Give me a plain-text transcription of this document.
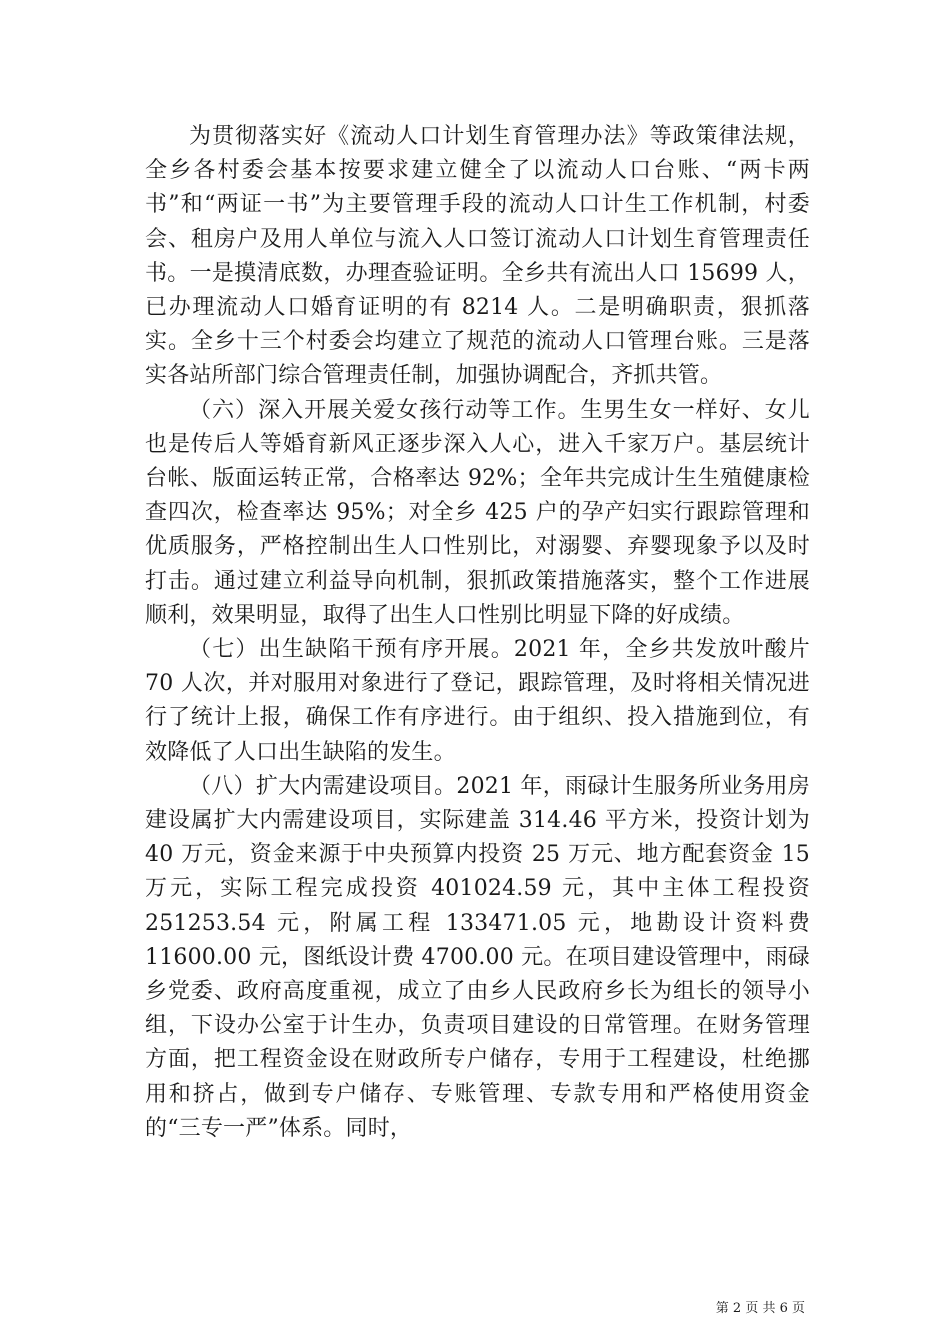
为贯彻落实好《流动人口计划生育管理办法》等政策律法规，全乡各村委会基本按要求建立健全了以流动人口台账、“两卡两书”和“两证一书”为主要管理手段的流动人口计生工作机制，村委会、租房户及用人单位与流入人口签订流动人口计划生育管理责任书。一是摸清底数，办理查验证明。全乡共有流出人口 15699 人，已办理流动人口婚育证明的有 8214 人。二是明确职责，狠抓落实。全乡十三个村委会均建立了规范的流动人口管理台账。三是落实各站所部门综合管理责任制，加强协调配合，齐抓共管。

（六）深入开展关爱女孩行动等工作。生男生女一样好、女儿也是传后人等婚育新风正逐步深入人心，进入千家万户。基层统计台帐、版面运转正常，合格率达 92%；全年共完成计生生殖健康检查四次，检查率达 95%；对全乡 425 户的孕产妇实行跟踪管理和优质服务，严格控制出生人口性别比，对溺婴、弃婴现象予以及时打击。通过建立利益导向机制，狠抓政策措施落实，整个工作进展顺利，效果明显，取得了出生人口性别比明显下降的好成绩。

（七）出生缺陷干预有序开展。2021 年，全乡共发放叶酸片 70 人次，并对服用对象进行了登记，跟踪管理，及时将相关情况进行了统计上报，确保工作有序进行。由于组织、投入措施到位，有效降低了人口出生缺陷的发生。

（八）扩大内需建设项目。2021 年，雨碌计生服务所业务用房建设属扩大内需建设项目，实际建盖 314.46 平方米，投资计划为 40 万元，资金来源于中央预算内投资 25 万元、地方配套资金 15 万元，实际工程完成投资 401024.59 元，其中主体工程投资 251253.54 元，附属工程 133471.05 元，地勘设计资料费 11600.00 元，图纸设计费 4700.00 元。在项目建设管理中，雨碌乡党委、政府高度重视，成立了由乡人民政府乡长为组长的领导小组，下设办公室于计生办，负责项目建设的日常管理。在财务管理方面，把工程资金设在财政所专户储存，专用于工程建设，杜绝挪用和挤占，做到专户储存、专账管理、专款专用和严格使用资金的“三专一严”体系。同时，

第 2 页 共 6 页
